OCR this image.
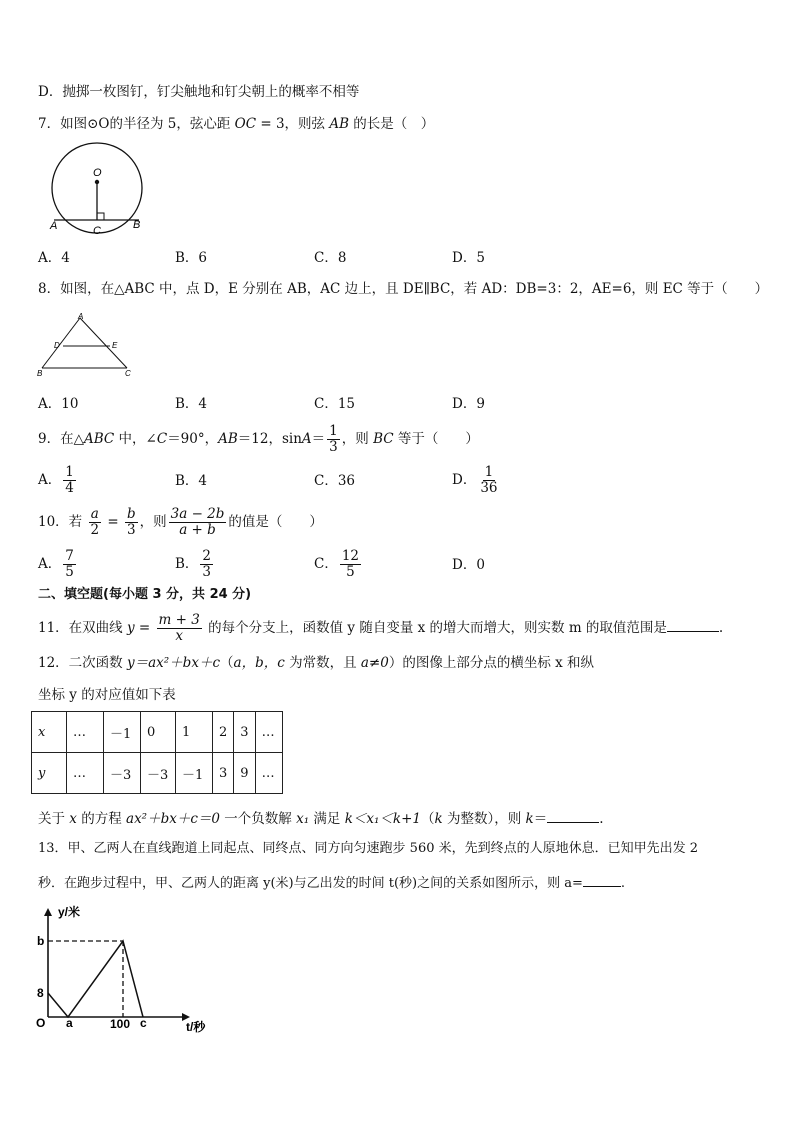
D．抛掷一枚图钉，钉尖触地和钉尖朝上的概率不相等
7．如图⊙O的半径为 5，弦心距 OC = 3，则弦 AB 的长是（　）
O
A	C	B
A．4	B．6	C．8	D．5
8．如图，在△ABC 中，点 D，E 分别在 AB，AC 边上，且 DE∥BC，若 AD：DB=3：2，AE=6，则 EC 等于（　　）
A
D	E
B	C
A．10	B．4	C．15	D．9
9．在△ABC 中，∠C＝90°，AB＝12，$\sin A= \frac{1}{3}$ ，则 BC 等于（　　）
A． $\frac{1}{4}$	B．4	C．36	D． $\frac{1}{36}$
10．若 $\frac{a}{2} = \frac{b}{3}$ ，则 $\frac{3a - 2b}{a + b}$ 的值是（　　）
A． $\frac{7}{5}$	B． $\frac{2}{3}$	C． $\frac{12}{5}$	D．0
二、填空题(每小题 3 分，共 24 分)
11．在双曲线 $y = \frac{m + 3}{x}$ 的每个分支上，函数值 y 随自变量 x 的增大而增大，则实数 m 的取值范围是	.
12．二次函数 y＝ax²＋bx＋c（a，b，c 为常数，且 a≠0）的图像上部分点的横坐标 x 和纵
坐标 y 的对应值如下表
x	…	－1	0	1	2	3	…
y	…	－3	－3	－1	3	9	…
关于 x 的方程 ax²＋bx＋c＝0 一个负数解 x₁ 满足 k＜x₁＜k+1（k 为整数），则 k＝	.
13．甲、乙两人在直线跑道上同起点、同终点、同方向匀速跑步 560 米，先到终点的人原地休息．已知甲先出发 2
秒．在跑步过程中，甲、乙两人的距离 y(米)与乙出发的时间 t(秒)之间的关系如图所示，则 a=	.
y/米
t/秒
b
8
O a	100 c
